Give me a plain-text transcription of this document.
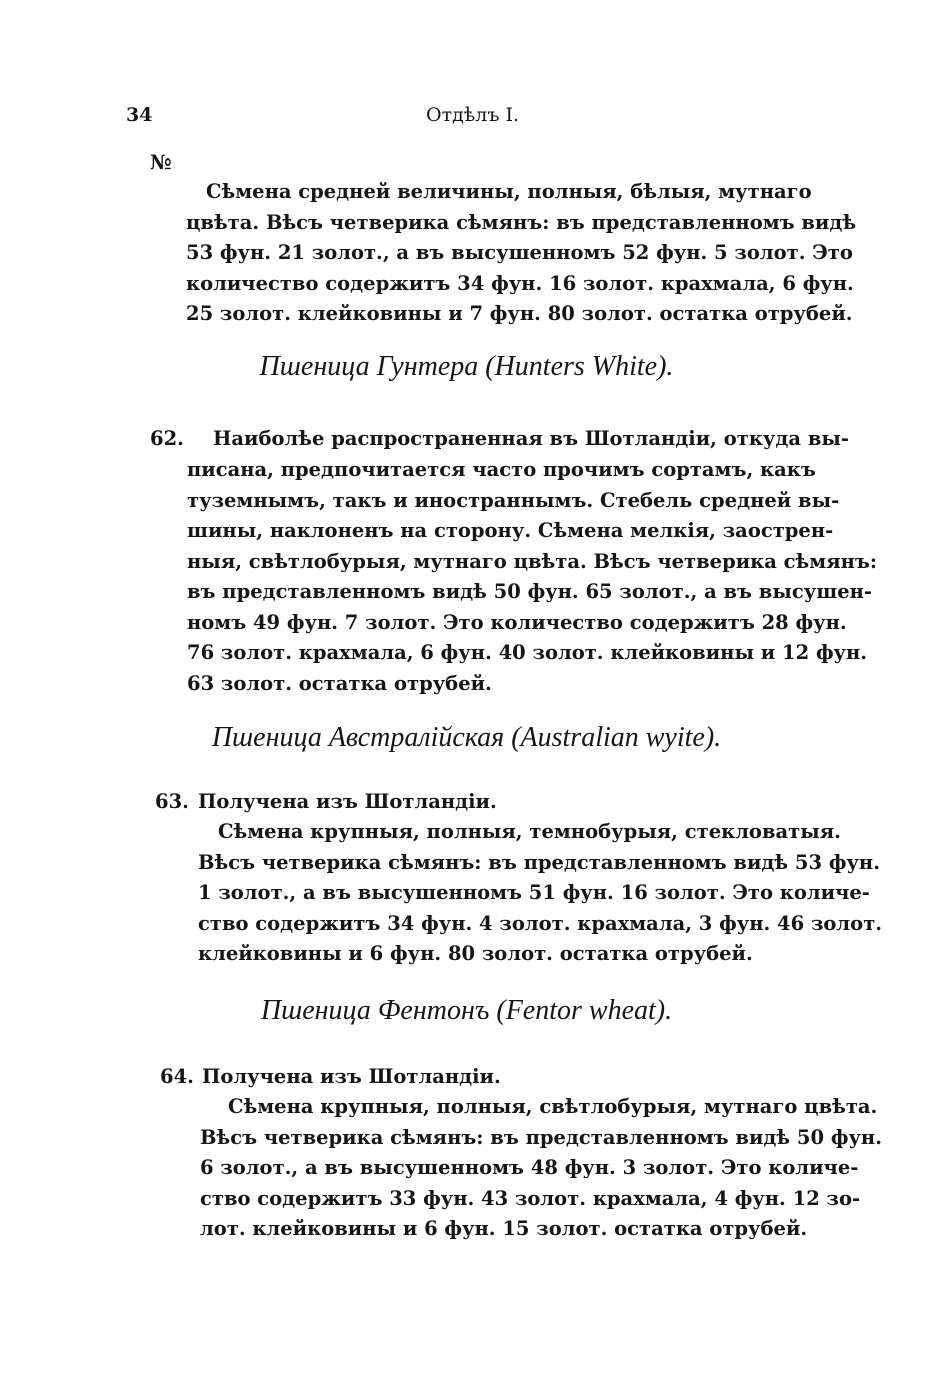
34	Отдѣлъ I.
№
Сѣмена средней величины, полныя, бѣлыя, мутнаго
цвѣта. Вѣсъ четверика сѣмянъ: въ представленномъ видѣ
53 фун. 21 золот., а въ высушенномъ 52 фун. 5 золот. Это
количество содержитъ 34 фун. 16 золот. крахмала, 6 фун.
25 золот. клейковины и 7 фун. 80 золот. остатка отрубей.
Пшеница Гунтера (Hunters White).
62. Наиболѣе распространенная въ Шотландіи, откуда вы-
писана, предпочитается часто прочимъ сортамъ, какъ
туземнымъ, такъ и иностраннымъ. Стебель средней вы-
шины, наклоненъ на сторону. Сѣмена мелкія, заострен-
ныя, свѣтлобурыя, мутнаго цвѣта. Вѣсъ четверика сѣмянъ:
въ представленномъ видѣ 50 фун. 65 золот., а въ высушен-
номъ 49 фун. 7 золот. Это количество содержитъ 28 фун.
76 золот. крахмала, 6 фун. 40 золот. клейковины и 12 фун.
63 золот. остатка отрубей.
Пшеница Австралійская (Australian wyite).
63. Получена изъ Шотландіи.
Сѣмена крупныя, полныя, темнобурыя, стекловатыя.
Вѣсъ четверика сѣмянъ: въ представленномъ видѣ 53 фун.
1 золот., а въ высушенномъ 51 фун. 16 золот. Это количе-
ство содержитъ 34 фун. 4 золот. крахмала, 3 фун. 46 золот.
клейковины и 6 фун. 80 золот. остатка отрубей.
Пшеница Фентонъ (Fentor wheat).
64. Получена изъ Шотландіи.
Сѣмена крупныя, полныя, свѣтлобурыя, мутнаго цвѣта.
Вѣсъ четверика сѣмянъ: въ представленномъ видѣ 50 фун.
6 золот., а въ высушенномъ 48 фун. 3 золот. Это количе-
ство содержитъ 33 фун. 43 золот. крахмала, 4 фун. 12 зо-
лот. клейковины и 6 фун. 15 золот. остатка отрубей.
